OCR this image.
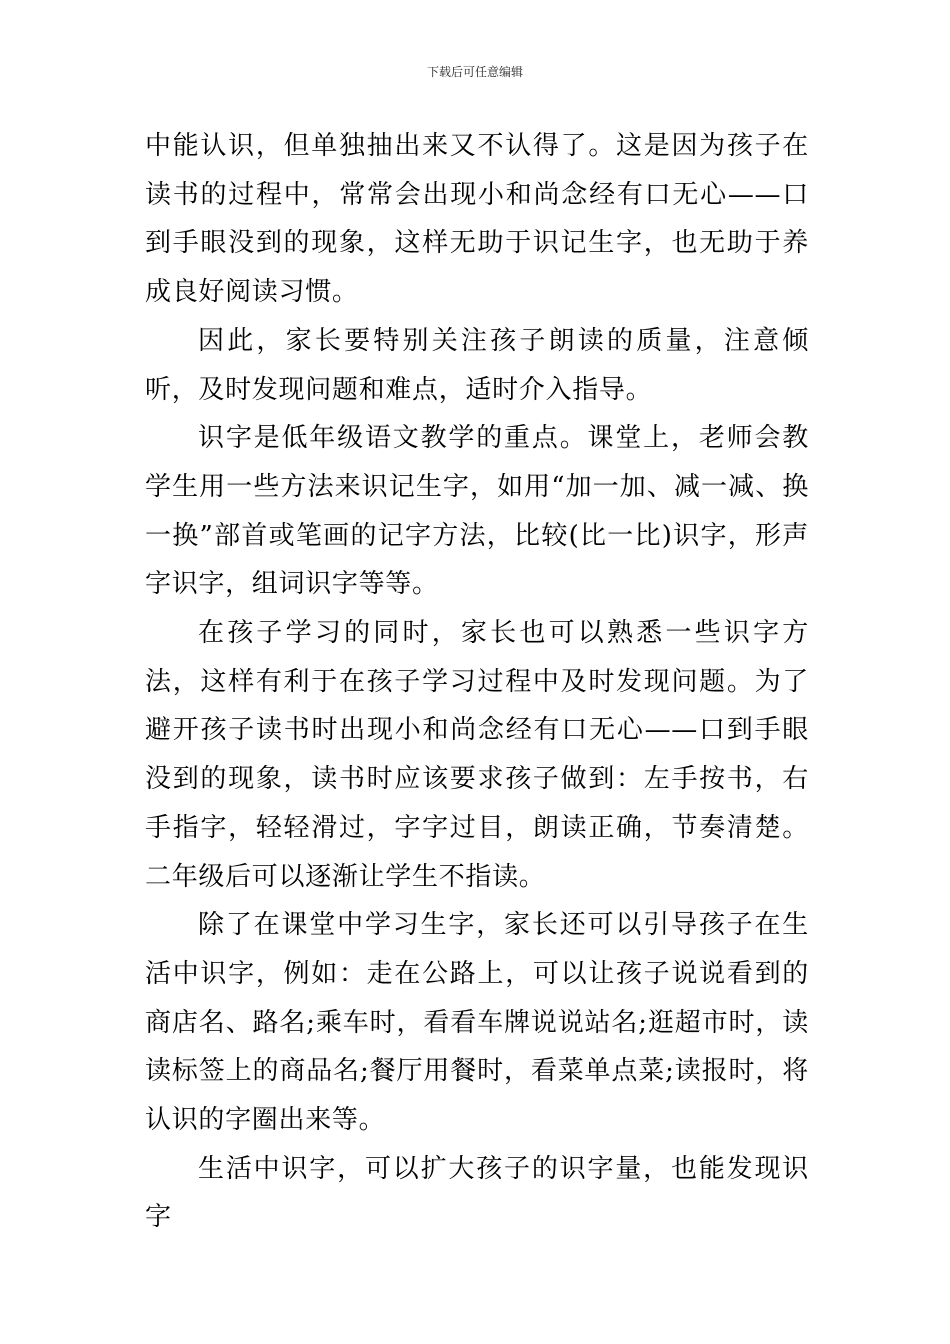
下载后可任意编辑

中能认识，但单独抽出来又不认得了。这是因为孩子在读书的过程中，常常会出现小和尚念经有口无心——口到手眼没到的现象，这样无助于识记生字，也无助于养成良好阅读习惯。

因此，家长要特别关注孩子朗读的质量，注意倾听，及时发现问题和难点，适时介入指导。

识字是低年级语文教学的重点。课堂上，老师会教学生用一些方法来识记生字，如用“加一加、减一减、换一换”部首或笔画的记字方法，比较(比一比)识字，形声字识字，组词识字等等。

在孩子学习的同时，家长也可以熟悉一些识字方法，这样有利于在孩子学习过程中及时发现问题。为了避开孩子读书时出现小和尚念经有口无心——口到手眼没到的现象，读书时应该要求孩子做到：左手按书，右手指字，轻轻滑过，字字过目，朗读正确，节奏清楚。二年级后可以逐渐让学生不指读。

除了在课堂中学习生字，家长还可以引导孩子在生活中识字，例如：走在公路上，可以让孩子说说看到的商店名、路名;乘车时，看看车牌说说站名;逛超市时，读读标签上的商品名;餐厅用餐时，看菜单点菜;读报时，将认识的字圈出来等。

生活中识字，可以扩大孩子的识字量，也能发现识字
